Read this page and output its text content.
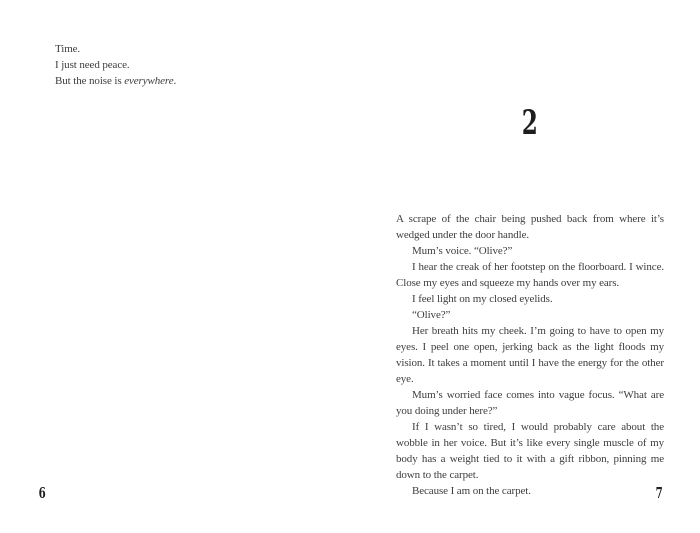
Time.

I just need peace.

But the noise is everywhere.

2

A scrape of the chair being pushed back from where it’s wedged under the door handle.

Mum’s voice. “Olive?”

I hear the creak of her footstep on the floorboard. I wince. Close my eyes and squeeze my hands over my ears.

I feel light on my closed eyelids.

“Olive?”

Her breath hits my cheek. I’m going to have to open my eyes. I peel one open, jerking back as the light floods my vision. It takes a moment until I have the energy for the other eye.

Mum’s worried face comes into vague focus. “What are you doing under here?”

If I wasn’t so tired, I would probably care about the wobble in her voice. But it’s like every single muscle of my body has a weight tied to it with a gift ribbon, pinning me down to the carpet.

Because I am on the carpet.

6	7
